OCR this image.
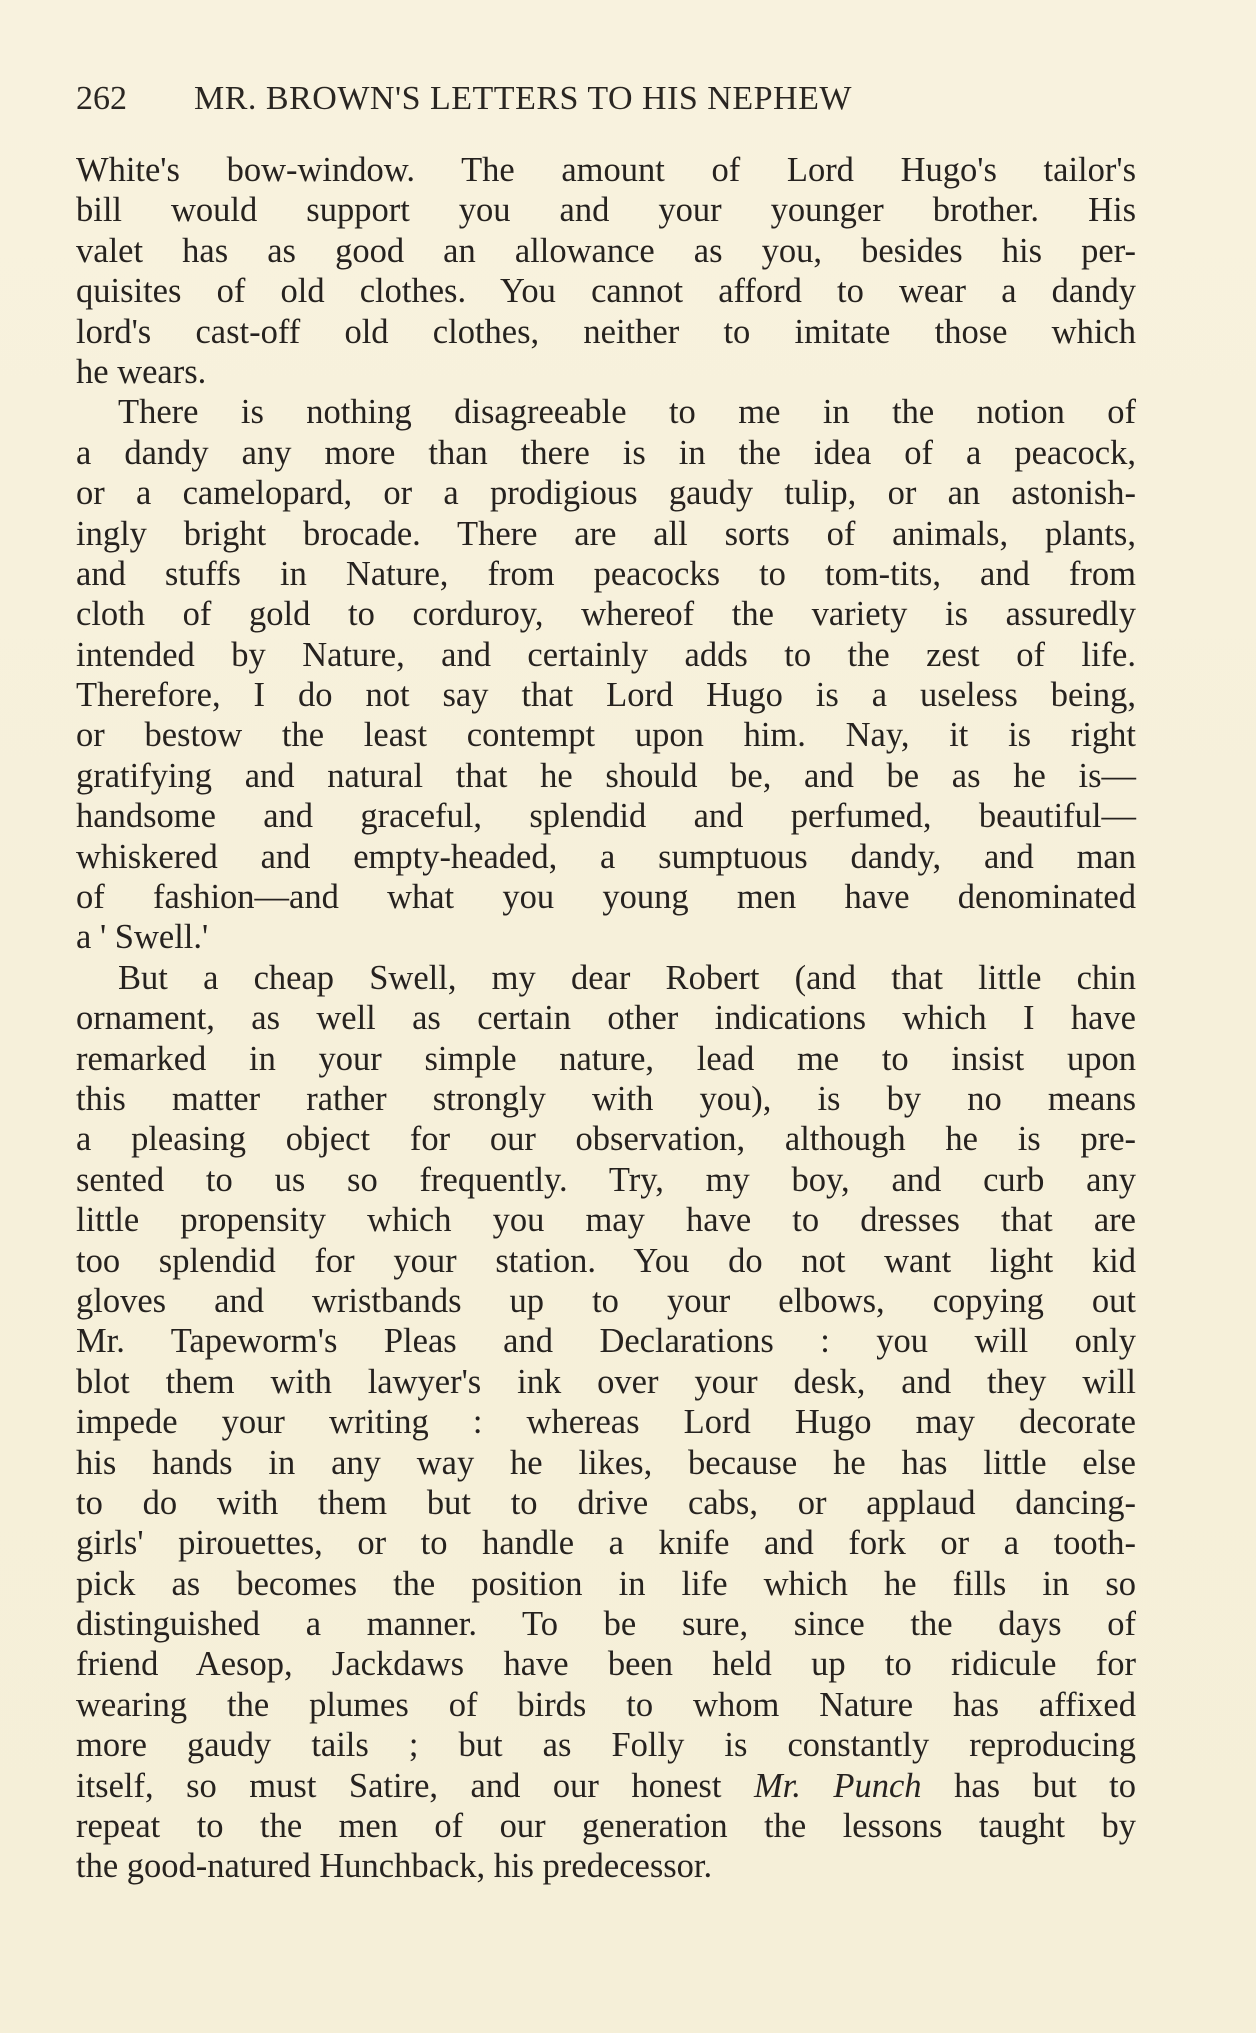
262 MR. BROWN'S LETTERS TO HIS NEPHEW
White's bow-window. The amount of Lord Hugo's tailor's
bill would support you and your younger brother. His
valet has as good an allowance as you, besides his per-
quisites of old clothes. You cannot afford to wear a dandy
lord's cast-off old clothes, neither to imitate those which
he wears.
There is nothing disagreeable to me in the notion of
a dandy any more than there is in the idea of a peacock,
or a camelopard, or a prodigious gaudy tulip, or an astonish-
ingly bright brocade. There are all sorts of animals, plants,
and stuffs in Nature, from peacocks to tom-tits, and from
cloth of gold to corduroy, whereof the variety is assuredly
intended by Nature, and certainly adds to the zest of life.
Therefore, I do not say that Lord Hugo is a useless being,
or bestow the least contempt upon him. Nay, it is right
gratifying and natural that he should be, and be as he is—
handsome and graceful, splendid and perfumed, beautiful—
whiskered and empty-headed, a sumptuous dandy, and man
of fashion—and what you young men have denominated
a ' Swell.'
But a cheap Swell, my dear Robert (and that little chin
ornament, as well as certain other indications which I have
remarked in your simple nature, lead me to insist upon
this matter rather strongly with you), is by no means
a pleasing object for our observation, although he is pre-
sented to us so frequently. Try, my boy, and curb any
little propensity which you may have to dresses that are
too splendid for your station. You do not want light kid
gloves and wristbands up to your elbows, copying out
Mr. Tapeworm's Pleas and Declarations : you will only
blot them with lawyer's ink over your desk, and they will
impede your writing : whereas Lord Hugo may decorate
his hands in any way he likes, because he has little else
to do with them but to drive cabs, or applaud dancing-
girls' pirouettes, or to handle a knife and fork or a tooth-
pick as becomes the position in life which he fills in so
distinguished a manner. To be sure, since the days of
friend Aesop, Jackdaws have been held up to ridicule for
wearing the plumes of birds to whom Nature has affixed
more gaudy tails ; but as Folly is constantly reproducing
itself, so must Satire, and our honest Mr. Punch has but to
repeat to the men of our generation the lessons taught by
the good-natured Hunchback, his predecessor.
